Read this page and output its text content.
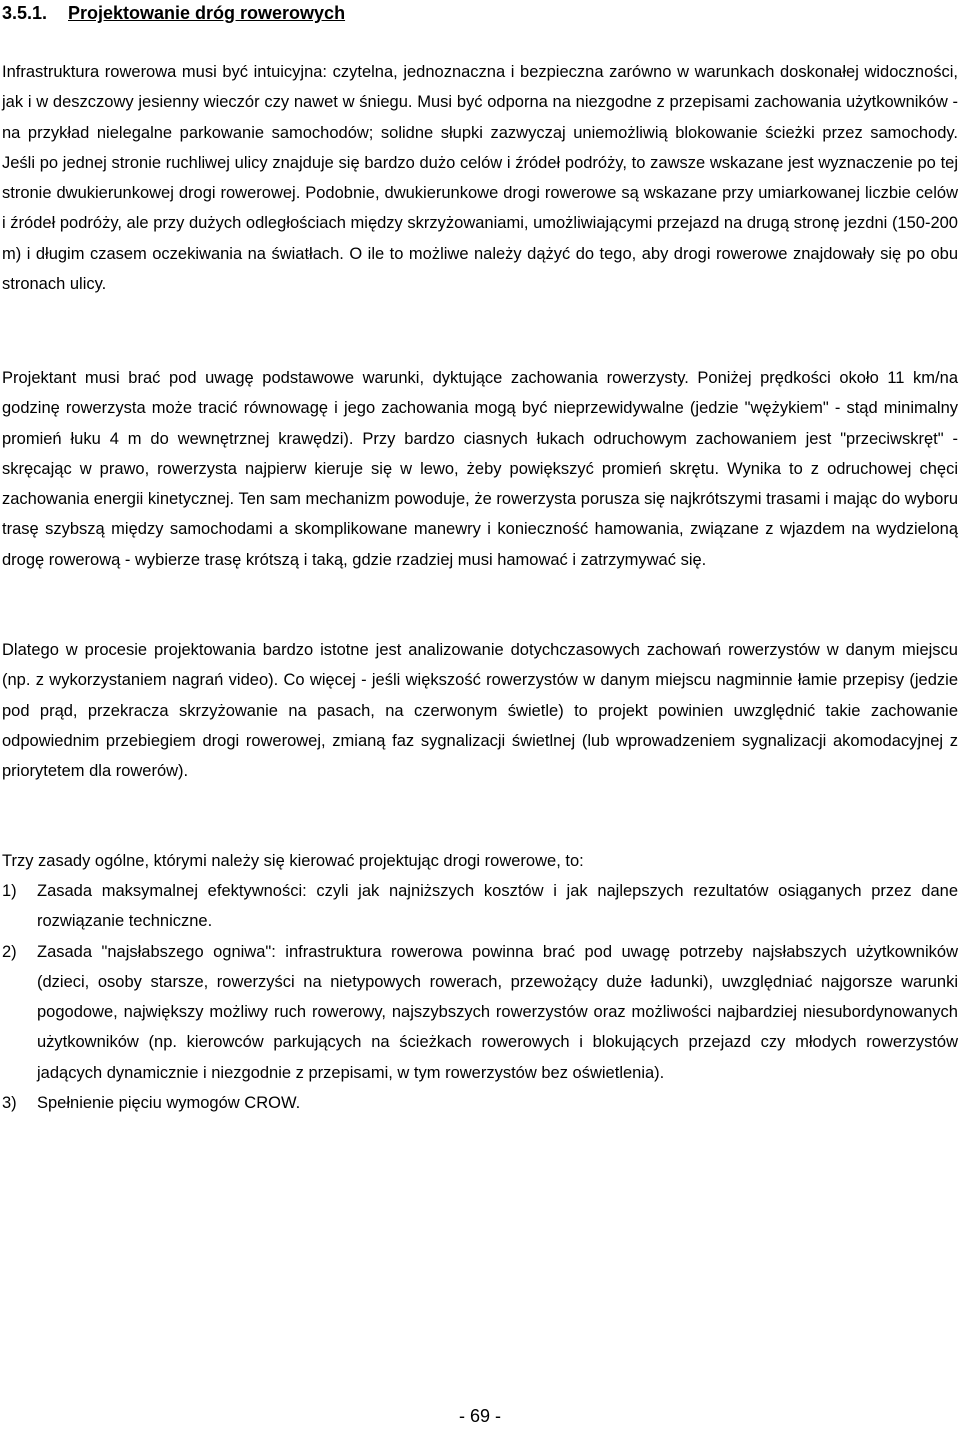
3.5.1. Projektowanie dróg rowerowych

Infrastruktura rowerowa musi być intuicyjna: czytelna, jednoznaczna i bezpieczna zarówno w warunkach doskonałej widoczności, jak i w deszczowy jesienny wieczór czy nawet w śniegu. Musi być odporna na niezgodne z przepisami zachowania użytkowników - na przykład nielegalne parkowanie samochodów; solidne słupki zazwyczaj uniemożliwią blokowanie ścieżki przez samochody. Jeśli po jednej stronie ruchliwej ulicy znajduje się bardzo dużo celów i źródeł podróży, to zawsze wskazane jest wyznaczenie po tej stronie dwukierunkowej drogi rowerowej. Podobnie, dwukierunkowe drogi rowerowe są wskazane przy umiarkowanej liczbie celów i źródeł podróży, ale przy dużych odległościach między skrzyżowaniami, umożliwiającymi przejazd na drugą stronę jezdni (150-200 m) i długim czasem oczekiwania na światłach. O ile to możliwe należy dążyć do tego, aby drogi rowerowe znajdowały się po obu stronach ulicy.

Projektant musi brać pod uwagę podstawowe warunki, dyktujące zachowania rowerzysty. Poniżej prędkości około 11 km/na godzinę rowerzysta może tracić równowagę i jego zachowania mogą być nieprzewidywalne (jedzie "wężykiem" - stąd minimalny promień łuku 4 m do wewnętrznej krawędzi). Przy bardzo ciasnych łukach odruchowym zachowaniem jest "przeciwskręt" - skręcając w prawo, rowerzysta najpierw kieruje się w lewo, żeby powiększyć promień skrętu. Wynika to z odruchowej chęci zachowania energii kinetycznej. Ten sam mechanizm powoduje, że rowerzysta porusza się najkrótszymi trasami i mając do wyboru trasę szybszą między samochodami a skomplikowane manewry i konieczność hamowania, związane z wjazdem na wydzieloną drogę rowerową - wybierze trasę krótszą i taką, gdzie rzadziej musi hamować i zatrzymywać się.

Dlatego w procesie projektowania bardzo istotne jest analizowanie dotychczasowych zachowań rowerzystów w danym miejscu (np. z wykorzystaniem nagrań video). Co więcej - jeśli większość rowerzystów w danym miejscu nagminnie łamie przepisy (jedzie pod prąd, przekracza skrzyżowanie na pasach, na czerwonym świetle) to projekt powinien uwzględnić takie zachowanie odpowiednim przebiegiem drogi rowerowej, zmianą faz sygnalizacji świetlnej (lub wprowadzeniem sygnalizacji akomodacyjnej z priorytetem dla rowerów).

Trzy zasady ogólne, którymi należy się kierować projektując drogi rowerowe, to:

1) Zasada maksymalnej efektywności: czyli jak najniższych kosztów i jak najlepszych rezultatów osiąganych przez dane rozwiązanie techniczne.
2) Zasada "najsłabszego ogniwa": infrastruktura rowerowa powinna brać pod uwagę potrzeby najsłabszych użytkowników (dzieci, osoby starsze, rowerzyści na nietypowych rowerach, przewożący duże ładunki), uwzględniać najgorsze warunki pogodowe, największy możliwy ruch rowerowy, najszybszych rowerzystów oraz możliwości najbardziej niesubordynowanych użytkowników (np. kierowców parkujących na ścieżkach rowerowych i blokujących przejazd czy młodych rowerzystów jadących dynamicznie i niezgodnie z przepisami, w tym rowerzystów bez oświetlenia).
3) Spełnienie pięciu wymogów CROW.
- 69 -
